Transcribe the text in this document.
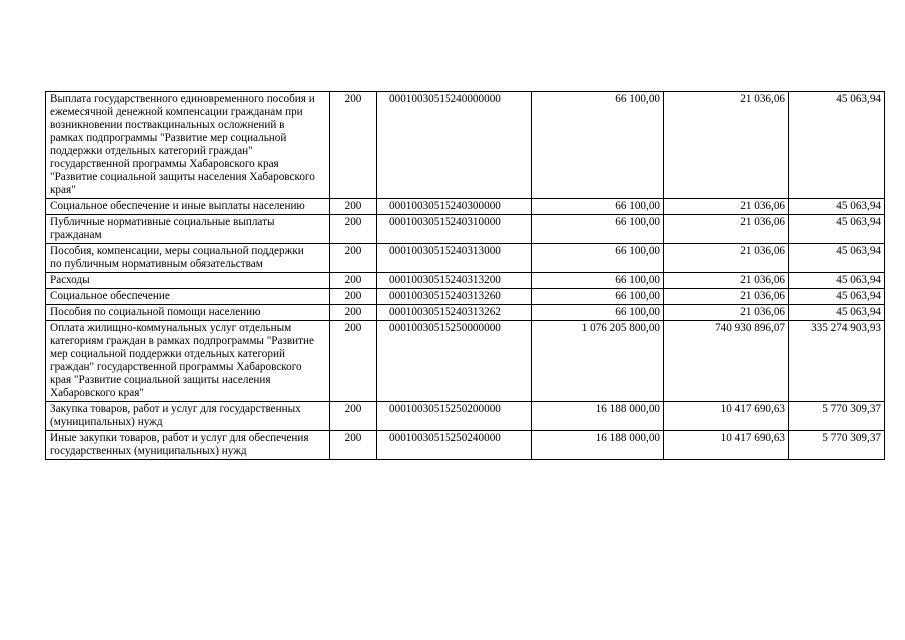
Выплата государственного единовременного пособия и ежемесячной денежной компенсации гражданам при возникновении поствакцинальных осложнений в рамках подпрограммы "Развитие мер социальной поддержки отдельных категорий граждан" государственной программы Хабаровского края "Развитие социальной защиты населения Хабаровского края"	200	00010030515240000000	66 100,00	21 036,06	45 063,94
Социальное обеспечение и иные выплаты населению	200	00010030515240300000	66 100,00	21 036,06	45 063,94
Публичные нормативные социальные выплаты гражданам	200	00010030515240310000	66 100,00	21 036,06	45 063,94
Пособия, компенсации, меры социальной поддержки по публичным нормативным обязательствам	200	00010030515240313000	66 100,00	21 036,06	45 063,94
Расходы	200	00010030515240313200	66 100,00	21 036,06	45 063,94
Социальное обеспечение	200	00010030515240313260	66 100,00	21 036,06	45 063,94
Пособия по социальной помощи населению	200	00010030515240313262	66 100,00	21 036,06	45 063,94
Оплата жилищно-коммунальных услуг отдельным категориям граждан в рамках подпрограммы "Развитие мер социальной поддержки отдельных категорий граждан" государственной программы Хабаровского края "Развитие социальной защиты населения Хабаровского края"	200	00010030515250000000	1 076 205 800,00	740 930 896,07	335 274 903,93
Закупка товаров, работ и услуг для государственных (муниципальных) нужд	200	00010030515250200000	16 188 000,00	10 417 690,63	5 770 309,37
Иные закупки товаров, работ и услуг для обеспечения государственных (муниципальных) нужд	200	00010030515250240000	16 188 000,00	10 417 690,63	5 770 309,37
